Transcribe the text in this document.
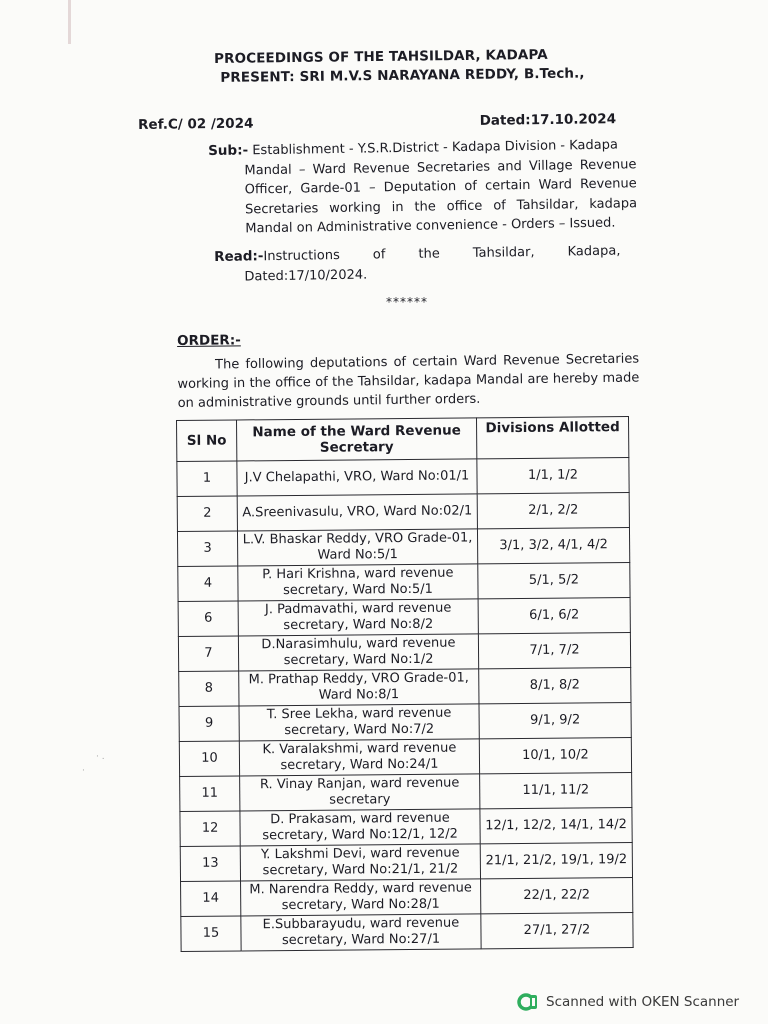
·
· .
PROCEEDINGS OF THE TAHSILDAR, KADAPA
PRESENT: SRI M.V.S NARAYANA REDDY, B.Tech.,
Ref.C/ 02 /2024	Dated:17.10.2024
Sub:- Establishment - Y.S.R.District - Kadapa Division - Kadapa
Mandal – Ward Revenue Secretaries and Village Revenue Officer, Garde-01 – Deputation of certain Ward Revenue Secretaries working in the office of Tahsildar, kadapa Mandal on Administrative convenience - Orders – Issued.
Read:-Instructions        of        the        Tahsildar,        Kadapa,
Dated:17/10/2024.
******
ORDER:-
The following deputations of certain Ward Revenue Secretaries working in the office of the Tahsildar, kadapa Mandal are hereby made on administrative grounds until further orders.
Sl No	Name of the Ward Revenue Secretary	Divisions Allotted
1	J.V Chelapathi, VRO, Ward No:01/1	1/1, 1/2
2	A.Sreenivasulu, VRO, Ward No:02/1	2/1, 2/2
3	L.V. Bhaskar Reddy, VRO Grade-01, Ward No:5/1	3/1, 3/2, 4/1, 4/2
4	P. Hari Krishna, ward revenue secretary, Ward No:5/1	5/1, 5/2
6	J. Padmavathi, ward revenue secretary, Ward No:8/2	6/1, 6/2
7	D.Narasimhulu, ward revenue secretary, Ward No:1/2	7/1, 7/2
8	M. Prathap Reddy, VRO Grade-01, Ward No:8/1	8/1, 8/2
9	T. Sree Lekha, ward revenue secretary, Ward No:7/2	9/1, 9/2
10	K. Varalakshmi, ward revenue secretary, Ward No:24/1	10/1, 10/2
11	R. Vinay Ranjan, ward revenue secretary	11/1, 11/2
12	D. Prakasam, ward revenue secretary, Ward No:12/1, 12/2	12/1, 12/2, 14/1, 14/2
13	Y. Lakshmi Devi, ward revenue secretary, Ward No:21/1, 21/2	21/1, 21/2, 19/1, 19/2
14	M. Narendra Reddy, ward revenue secretary, Ward No:28/1	22/1, 22/2
15	E.Subbarayudu, ward revenue secretary, Ward No:27/1	27/1, 27/2
Scanned with OKEN Scanner
